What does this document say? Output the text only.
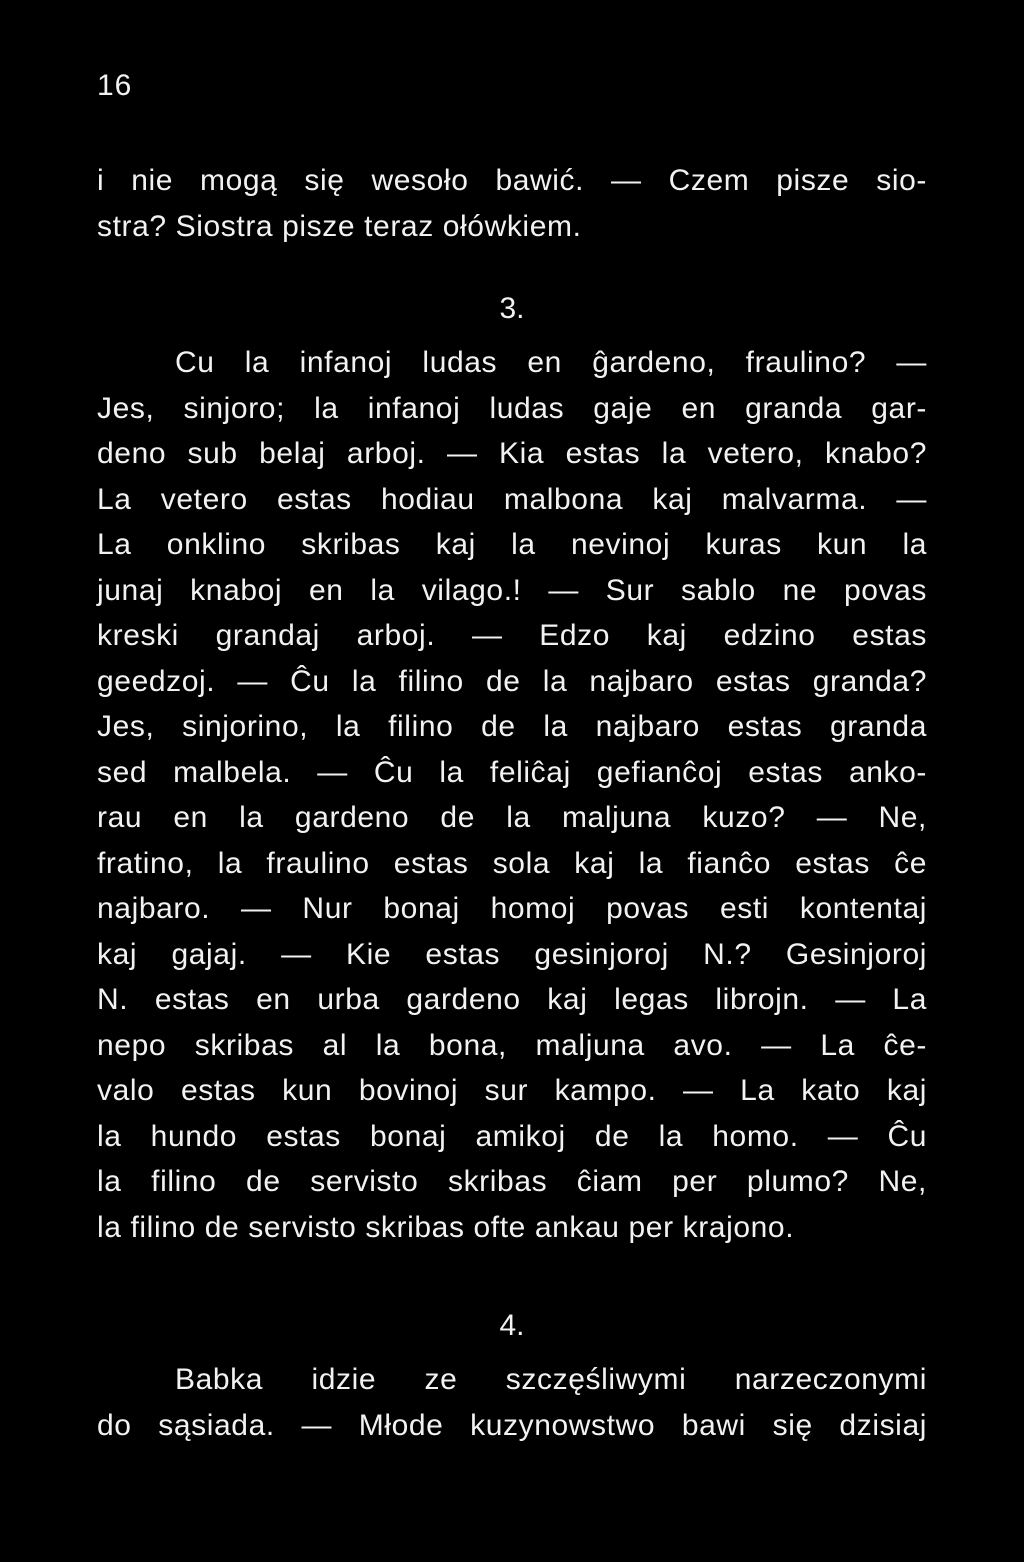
16
i nie mogą się wesoło bawić. — Czem pisze sio-
stra? Siostra pisze teraz ołówkiem.
3.
Cu la infanoj ludas en ĝardeno, fraulino? —
Jes, sinjoro; la infanoj ludas gaje en granda gar-
deno sub belaj arboj. — Kia estas la vetero, knabo?
La vetero estas hodiau malbona kaj malvarma. —
La onklino skribas kaj la nevinoj kuras kun la
junaj knaboj en la vilago.! — Sur sablo ne povas
kreski grandaj arboj. — Edzo kaj edzino estas
geedzoj. — Ĉu la filino de la najbaro estas granda?
Jes, sinjorino, la filino de la najbaro estas granda
sed malbela. — Ĉu la feliĉaj gefianĉoj estas anko-
rau en la gardeno de la maljuna kuzo? — Ne,
fratino, la fraulino estas sola kaj la fianĉo estas ĉe
najbaro. — Nur bonaj homoj povas esti kontentaj
kaj gajaj. — Kie estas gesinjoroj N.? Gesinjoroj
N. estas en urba gardeno kaj legas librojn. — La
nepo skribas al la bona, maljuna avo. — La ĉe-
valo estas kun bovinoj sur kampo. — La kato kaj
la hundo estas bonaj amikoj de la homo. — Ĉu
la filino de servisto skribas ĉiam per plumo? Ne,
la filino de servisto skribas ofte ankau per krajono.
4.
Babka idzie ze szczęśliwymi narzeczonymi
do sąsiada. — Młode kuzynowstwo bawi się dzisiaj
